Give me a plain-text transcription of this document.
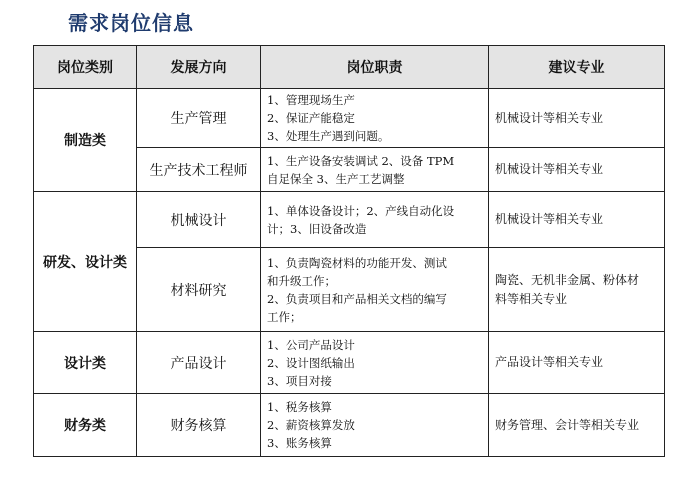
需求岗位信息
岗位类别	发展方向	岗位职责	建议专业
制造类	生产管理	1、管理现场生产
2、保证产能稳定
3、处理生产遇到问题。	机械设计等相关专业

	生产技术工程师	1、生产设备安装调试 2、设备 TPM
自足保全 3、生产工艺调整	机械设计等相关专业

研发、设计类	机械设计	1、单体设备设计；2、产线自动化设
计；3、旧设备改造	机械设计等相关专业

	材料研究	1、负责陶瓷材料的功能开发、测试
和升级工作；
2、负责项目和产品相关文档的编写
工作；	陶瓷、无机非金属、粉体材
料等相关专业

设计类	产品设计	1、公司产品设计
2、设计图纸输出
3、项目对接	产品设计等相关专业

财务类	财务核算	1、税务核算
2、薪资核算发放
3、账务核算	财务管理、会计等相关专业
